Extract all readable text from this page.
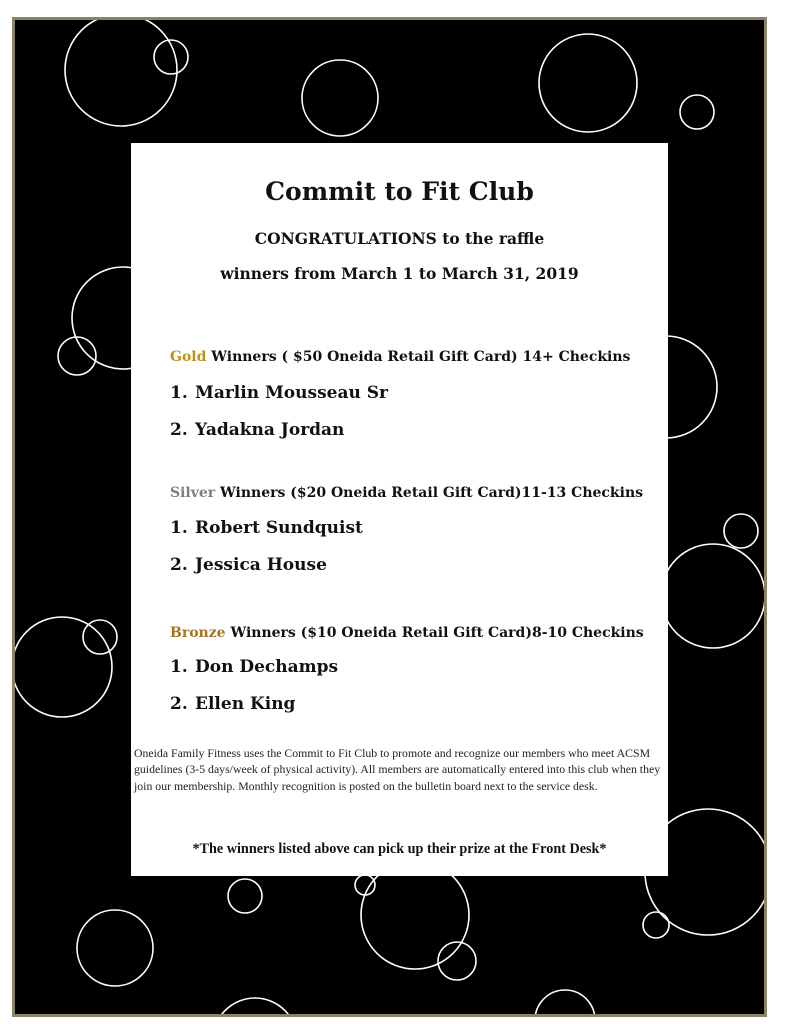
Commit to Fit Club
CONGRATULATIONS to the raffle
winners from March 1 to March 31, 2019
Gold Winners ( $50 Oneida Retail Gift Card) 14+ Checkins
1. Marlin Mousseau Sr
2. Yadakna Jordan
Silver Winners ($20 Oneida Retail Gift Card)11-13 Checkins
1. Robert Sundquist
2. Jessica House
Bronze Winners ($10 Oneida Retail Gift Card)8-10 Checkins
1. Don Dechamps
2. Ellen King
Oneida Family Fitness uses the Commit to Fit Club to promote and recognize our members who meet ACSM guidelines (3-5 days/week of physical activity). All members are automatically entered into this club when they join our membership. Monthly recognition is posted on the bulletin board next to the service desk.
*The winners listed above can pick up their prize at the Front Desk*
